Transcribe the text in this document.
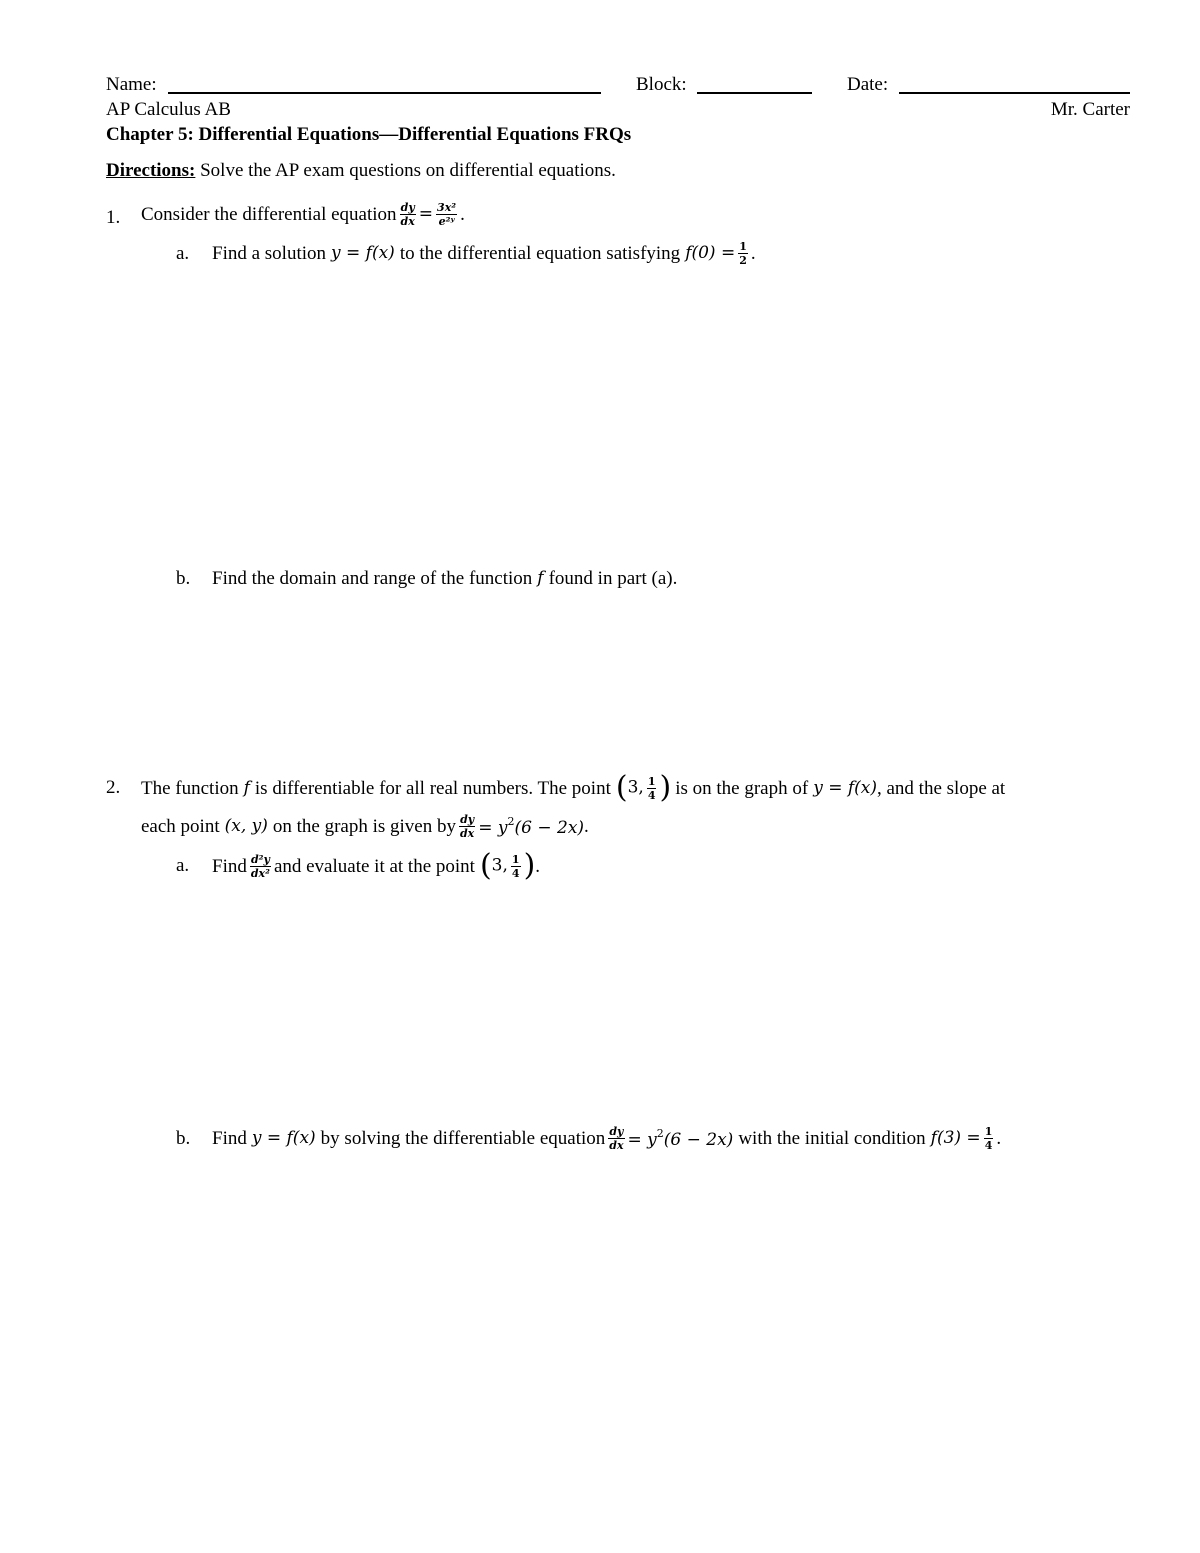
Name:	Block:	Date:
AP Calculus AB	Mr. Carter
Chapter 5: Differential Equations—Differential Equations FRQs
Directions: Solve the AP exam questions on differential equations.
1. Consider the differential equation $\frac{dy}{dx} = \frac{\text{3x²}}{\text{e²ʸ}}$ .
a. Find a solution y = f(x) to the differential equation satisfying $f(0) = \frac{1}{2}$ .
b. Find the domain and range of the function f found in part (a).
2. The function f is differentiable for all real numbers. The point (3, $\frac{1}{4}$ ) is on the graph of y = f(x) , and the slope at
each point (x, y) on the graph is given by $\frac{dy}{dx} = y^2(6 - 2x)$ .
a. Find $\frac{\text{d²y}}{\text{dx²}}$ and evaluate it at the point (3, $\frac{1}{4}$ ) .
b. Find y = f(x) by solving the differentiable equation $\frac{dy}{dx} = y^2(6 - 2x)$ with the initial condition $f(3) = \frac{1}{4}$ .
